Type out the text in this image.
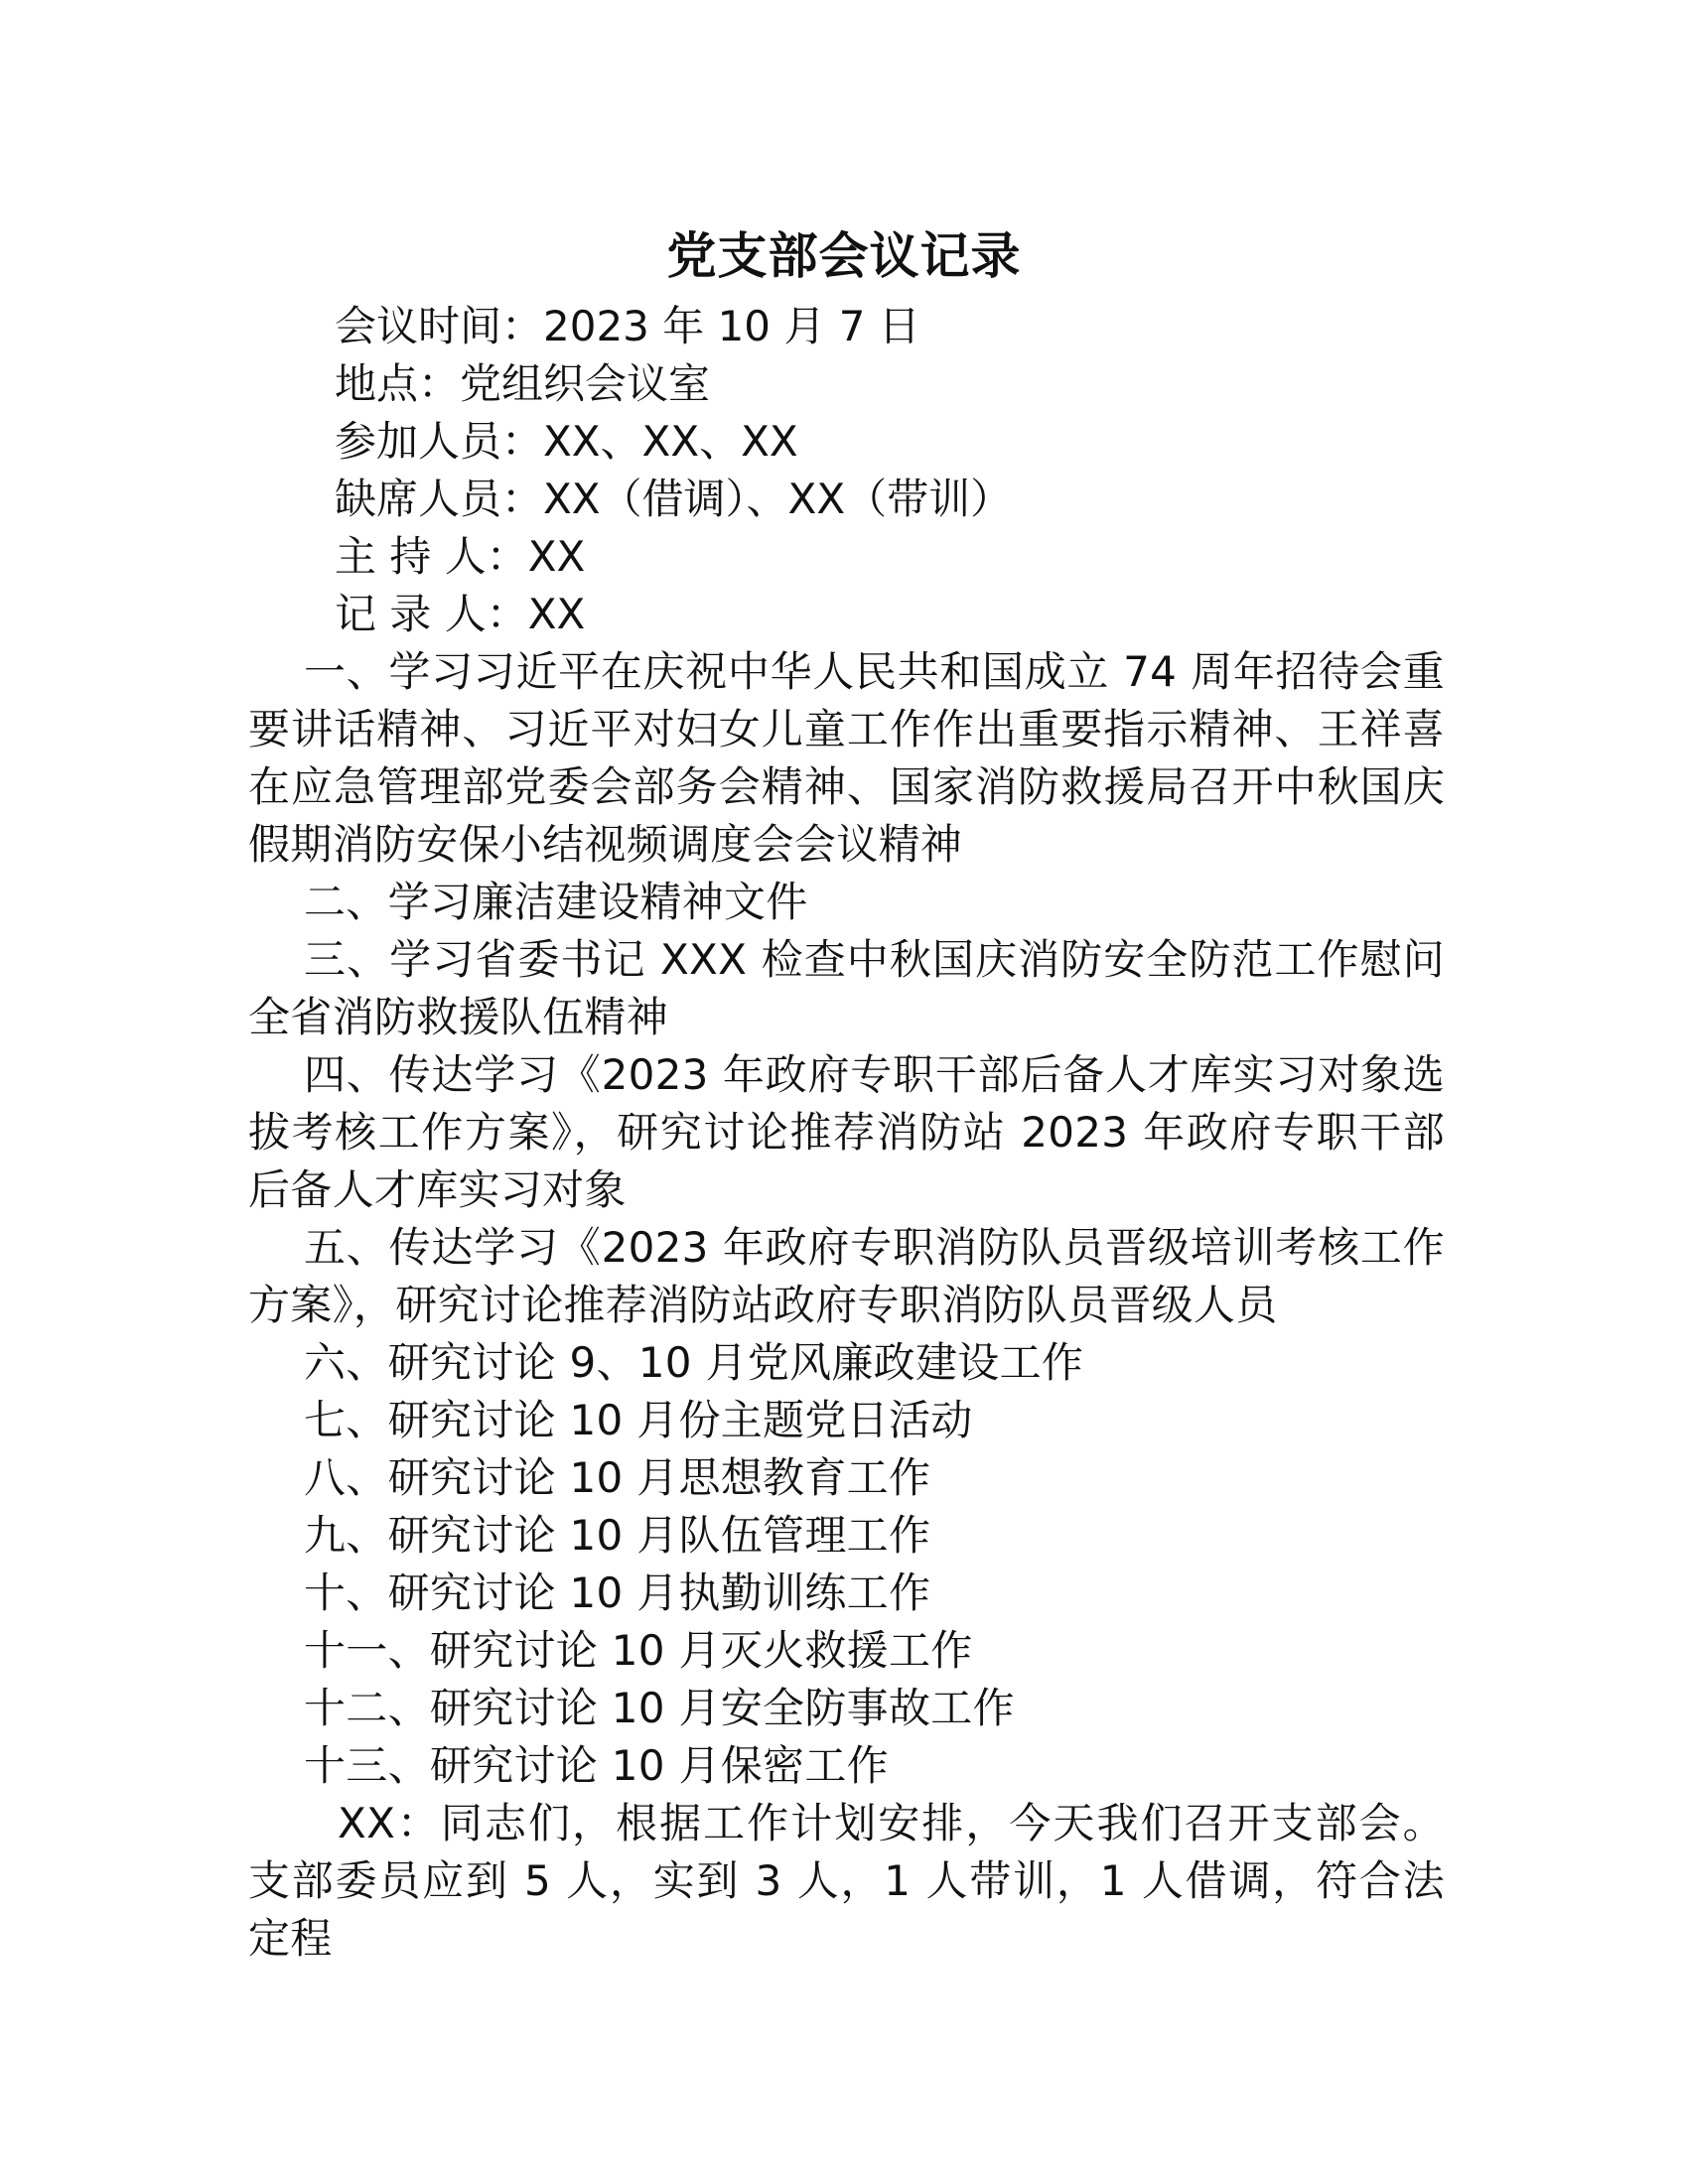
党支部会议记录
会议时间：2023 年 10 月 7 日
地点：党组织会议室
参加人员：XX、XX、XX
缺席人员：XX（借调）、XX（带训）
主 持 人：XX
记 录 人：XX

一、学习习近平在庆祝中华人民共和国成立 74 周年招待会重要讲话精神、习近平对妇女儿童工作作出重要指示精神、王祥喜在应急管理部党委会部务会精神、国家消防救援局召开中秋国庆假期消防安保小结视频调度会会议精神

二、学习廉洁建设精神文件

三、学习省委书记 XXX 检查中秋国庆消防安全防范工作慰问全省消防救援队伍精神

四、传达学习《2023 年政府专职干部后备人才库实习对象选拔考核工作方案》，研究讨论推荐消防站 2023 年政府专职干部后备人才库实习对象

五、传达学习《2023 年政府专职消防队员晋级培训考核工作方案》，研究讨论推荐消防站政府专职消防队员晋级人员

六、研究讨论 9、10 月党风廉政建设工作

七、研究讨论 10 月份主题党日活动

八、研究讨论 10 月思想教育工作

九、研究讨论 10 月队伍管理工作

十、研究讨论 10 月执勤训练工作

十一、研究讨论 10 月灭火救援工作

十二、研究讨论 10 月安全防事故工作

十三、研究讨论 10 月保密工作

XX：同志们，根据工作计划安排，今天我们召开支部会。支部委员应到 5 人，实到 3 人，1 人带训，1 人借调，符合法定程
